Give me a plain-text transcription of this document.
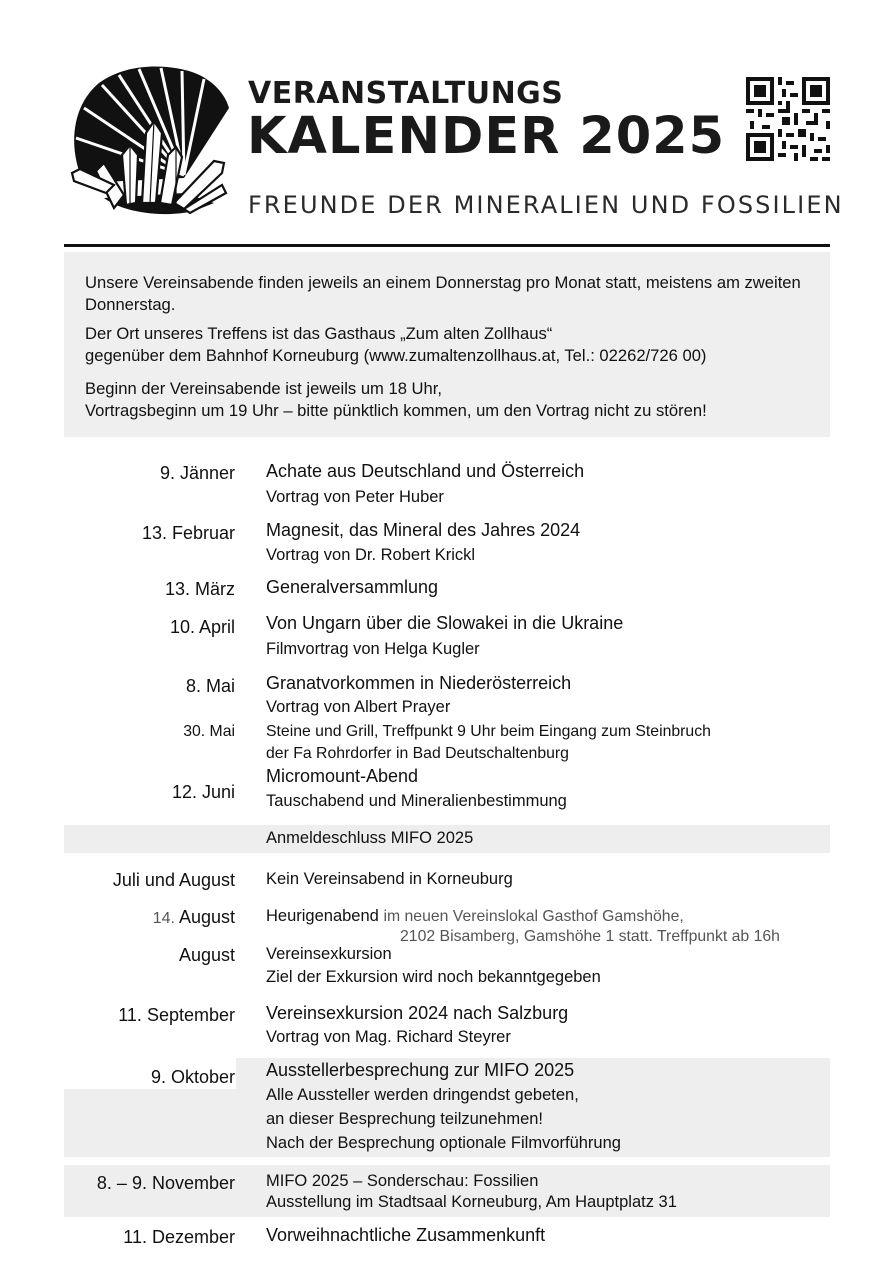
VERANSTALTUNGS
KALENDER 2025
FREUNDE DER MINERALIEN UND FOSSILIEN

Unsere Vereinsabende finden jeweils an einem Donnerstag pro Monat statt, meistens am zweiten Donnerstag.

Der Ort unseres Treffens ist das Gasthaus „Zum alten Zollhaus“

gegenüber dem Bahnhof Korneuburg (www.zumaltenzollhaus.at, Tel.: 02262/726 00)

Beginn der Vereinsabende ist jeweils um 18 Uhr,

Vortragsbeginn um 19 Uhr – bitte pünktlich kommen, um den Vortrag nicht zu stören!

9. Jänner Achate aus Deutschland und Österreich
Vortrag von Peter Huber
13. Februar Magnesit, das Mineral des Jahres 2024
Vortrag von Dr. Robert Krickl
13. März Generalversammlung
10. April Von Ungarn über die Slowakei in die Ukraine
Filmvortrag von Helga Kugler
8. Mai Granatvorkommen in Niederösterreich
Vortrag von Albert Prayer
30. Mai Steine und Grill, Treffpunkt 9 Uhr beim Eingang zum Steinbruch
der Fa Rohrdorfer in Bad Deutschaltenburg
12. Juni
Micromount-Abend
Tauschabend und Mineralienbestimmung
Anmeldeschluss MIFO 2025
Juli und August Kein Vereinsabend in Korneuburg
14. August Heurigenabend im neuen Vereinslokal Gasthof Gamshöhe,
2102 Bisamberg, Gamshöhe 1 statt. Treffpunkt ab 16h
August Vereinsexkursion
Ziel der Exkursion wird noch bekanntgegeben
11. September Vereinsexkursion 2024 nach Salzburg
Vortrag von Mag. Richard Steyrer
9. Oktober Ausstellerbesprechung zur MIFO 2025
Alle Aussteller werden dringendst gebeten,
an dieser Besprechung teilzunehmen!
Nach der Besprechung optionale Filmvorführung
8. – 9. November MIFO 2025 – Sonderschau: Fossilien
Ausstellung im Stadtsaal Korneuburg, Am Hauptplatz 31
11. Dezember Vorweihnachtliche Zusammenkunft
